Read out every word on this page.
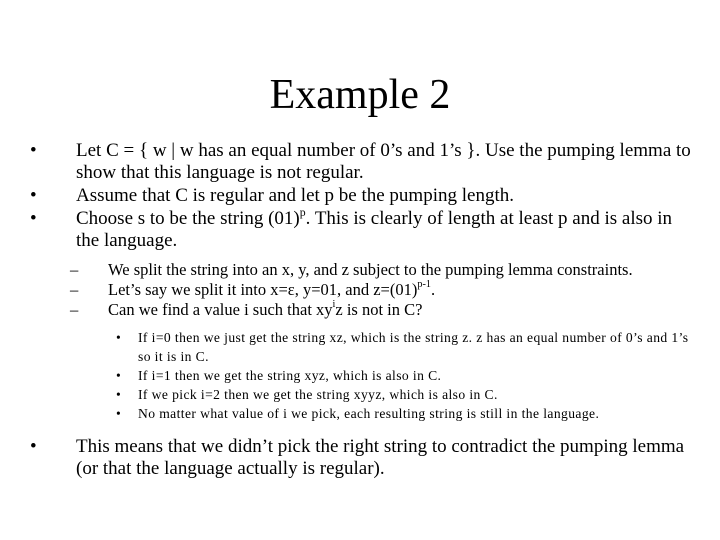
Example 2
• Let C = { w | w has an equal number of 0’s and 1’s }. Use the pumping lemma to show that this language is not regular.
• Assume that C is regular and let p be the pumping length.
• Choose s to be the string $(01)^p$. This is clearly of length at least p and is also in the language.
– We split the string into an x, y, and z subject to the pumping lemma constraints.
– Let’s say we split it into x=ε, y=01, and $z=(01)^{p-1}$.
– Can we find a value i such that $xy^iz$ is not in C?
• If i=0 then we just get the string xz, which is the string z. z has an equal number of 0’s and 1’s so it is in C.
• If i=1 then we get the string xyz, which is also in C.
• If we pick i=2 then we get the string xyyz, which is also in C.
• No matter what value of i we pick, each resulting string is still in the language.
• This means that we didn’t pick the right string to contradict the pumping lemma (or that the language actually is regular).
